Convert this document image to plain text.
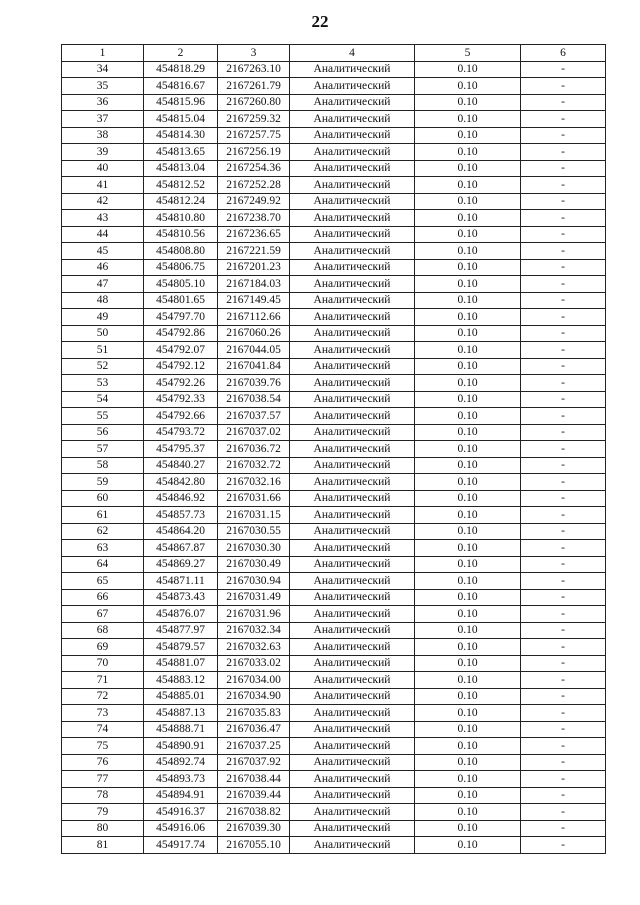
22
1	2	3	4	5	6
34	454818.29	2167263.10	Аналитический	0.10	-
35	454816.67	2167261.79	Аналитический	0.10	-
36	454815.96	2167260.80	Аналитический	0.10	-
37	454815.04	2167259.32	Аналитический	0.10	-
38	454814.30	2167257.75	Аналитический	0.10	-
39	454813.65	2167256.19	Аналитический	0.10	-
40	454813.04	2167254.36	Аналитический	0.10	-
41	454812.52	2167252.28	Аналитический	0.10	-
42	454812.24	2167249.92	Аналитический	0.10	-
43	454810.80	2167238.70	Аналитический	0.10	-
44	454810.56	2167236.65	Аналитический	0.10	-
45	454808.80	2167221.59	Аналитический	0.10	-
46	454806.75	2167201.23	Аналитический	0.10	-
47	454805.10	2167184.03	Аналитический	0.10	-
48	454801.65	2167149.45	Аналитический	0.10	-
49	454797.70	2167112.66	Аналитический	0.10	-
50	454792.86	2167060.26	Аналитический	0.10	-
51	454792.07	2167044.05	Аналитический	0.10	-
52	454792.12	2167041.84	Аналитический	0.10	-
53	454792.26	2167039.76	Аналитический	0.10	-
54	454792.33	2167038.54	Аналитический	0.10	-
55	454792.66	2167037.57	Аналитический	0.10	-
56	454793.72	2167037.02	Аналитический	0.10	-
57	454795.37	2167036.72	Аналитический	0.10	-
58	454840.27	2167032.72	Аналитический	0.10	-
59	454842.80	2167032.16	Аналитический	0.10	-
60	454846.92	2167031.66	Аналитический	0.10	-
61	454857.73	2167031.15	Аналитический	0.10	-
62	454864.20	2167030.55	Аналитический	0.10	-
63	454867.87	2167030.30	Аналитический	0.10	-
64	454869.27	2167030.49	Аналитический	0.10	-
65	454871.11	2167030.94	Аналитический	0.10	-
66	454873.43	2167031.49	Аналитический	0.10	-
67	454876.07	2167031.96	Аналитический	0.10	-
68	454877.97	2167032.34	Аналитический	0.10	-
69	454879.57	2167032.63	Аналитический	0.10	-
70	454881.07	2167033.02	Аналитический	0.10	-
71	454883.12	2167034.00	Аналитический	0.10	-
72	454885.01	2167034.90	Аналитический	0.10	-
73	454887.13	2167035.83	Аналитический	0.10	-
74	454888.71	2167036.47	Аналитический	0.10	-
75	454890.91	2167037.25	Аналитический	0.10	-
76	454892.74	2167037.92	Аналитический	0.10	-
77	454893.73	2167038.44	Аналитический	0.10	-
78	454894.91	2167039.44	Аналитический	0.10	-
79	454916.37	2167038.82	Аналитический	0.10	-
80	454916.06	2167039.30	Аналитический	0.10	-
81	454917.74	2167055.10	Аналитический	0.10	-
